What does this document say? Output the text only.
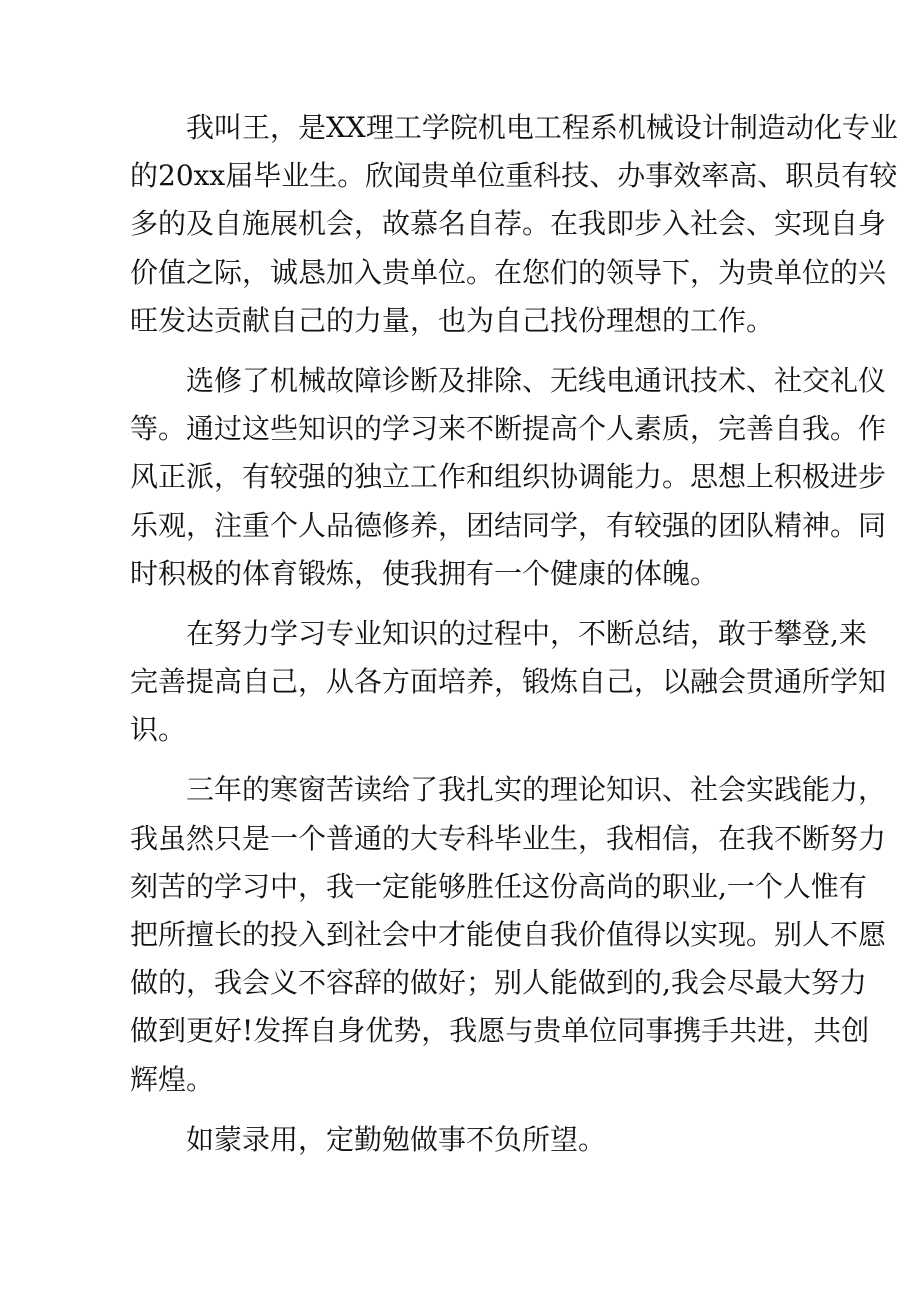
我叫王，是XX理工学院机电工程系机械设计制造动化专业
的20xx届毕业生。欣闻贵单位重科技、办事效率高、职员有较
多的及自施展机会，故慕名自荐。在我即步入社会、实现自身
价值之际，诚恳加入贵单位。在您们的领导下，为贵单位的兴
旺发达贡献自己的力量，也为自己找份理想的工作。

选修了机械故障诊断及排除、无线电通讯技术、社交礼仪
等。通过这些知识的学习来不断提高个人素质，完善自我。作
风正派，有较强的独立工作和组织协调能力。思想上积极进步
乐观，注重个人品德修养，团结同学，有较强的团队精神。同
时积极的体育锻炼，使我拥有一个健康的体魄。

在努力学习专业知识的过程中，不断总结，敢于攀登,来
完善提高自己，从各方面培养，锻炼自己，以融会贯通所学知
识。

三年的寒窗苦读给了我扎实的理论知识、社会实践能力，
我虽然只是一个普通的大专科毕业生，我相信，在我不断努力
刻苦的学习中，我一定能够胜任这份高尚的职业,一个人惟有
把所擅长的投入到社会中才能使自我价值得以实现。别人不愿
做的，我会义不容辞的做好；别人能做到的,我会尽最大努力
做到更好!发挥自身优势，我愿与贵单位同事携手共进，共创
辉煌。

如蒙录用，定勤勉做事不负所望。
